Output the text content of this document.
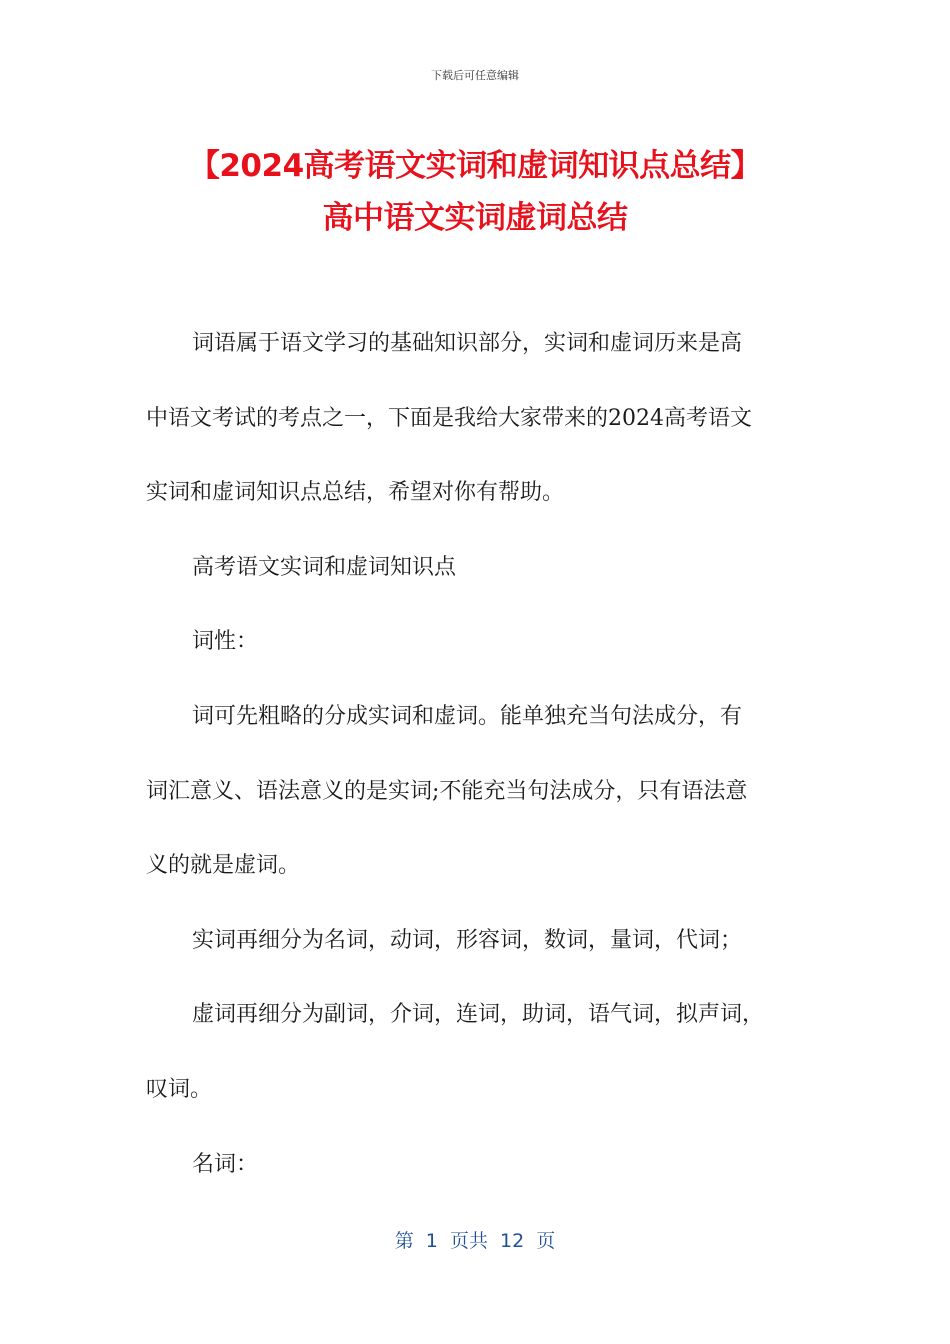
下载后可任意编辑
【2024高考语文实词和虚词知识点总结】
高中语文实词虚词总结
词语属于语文学习的基础知识部分，实词和虚词历来是高
中语文考试的考点之一，下面是我给大家带来的2024高考语文
实词和虚词知识点总结，希望对你有帮助。
高考语文实词和虚词知识点
词性：
词可先粗略的分成实词和虚词。能单独充当句法成分，有
词汇意义、语法意义的是实词;不能充当句法成分，只有语法意
义的就是虚词。
实词再细分为名词，动词，形容词，数词，量词，代词；
虚词再细分为副词，介词，连词，助词，语气词，拟声词，
叹词。
名词：
第  1  页共  12  页
